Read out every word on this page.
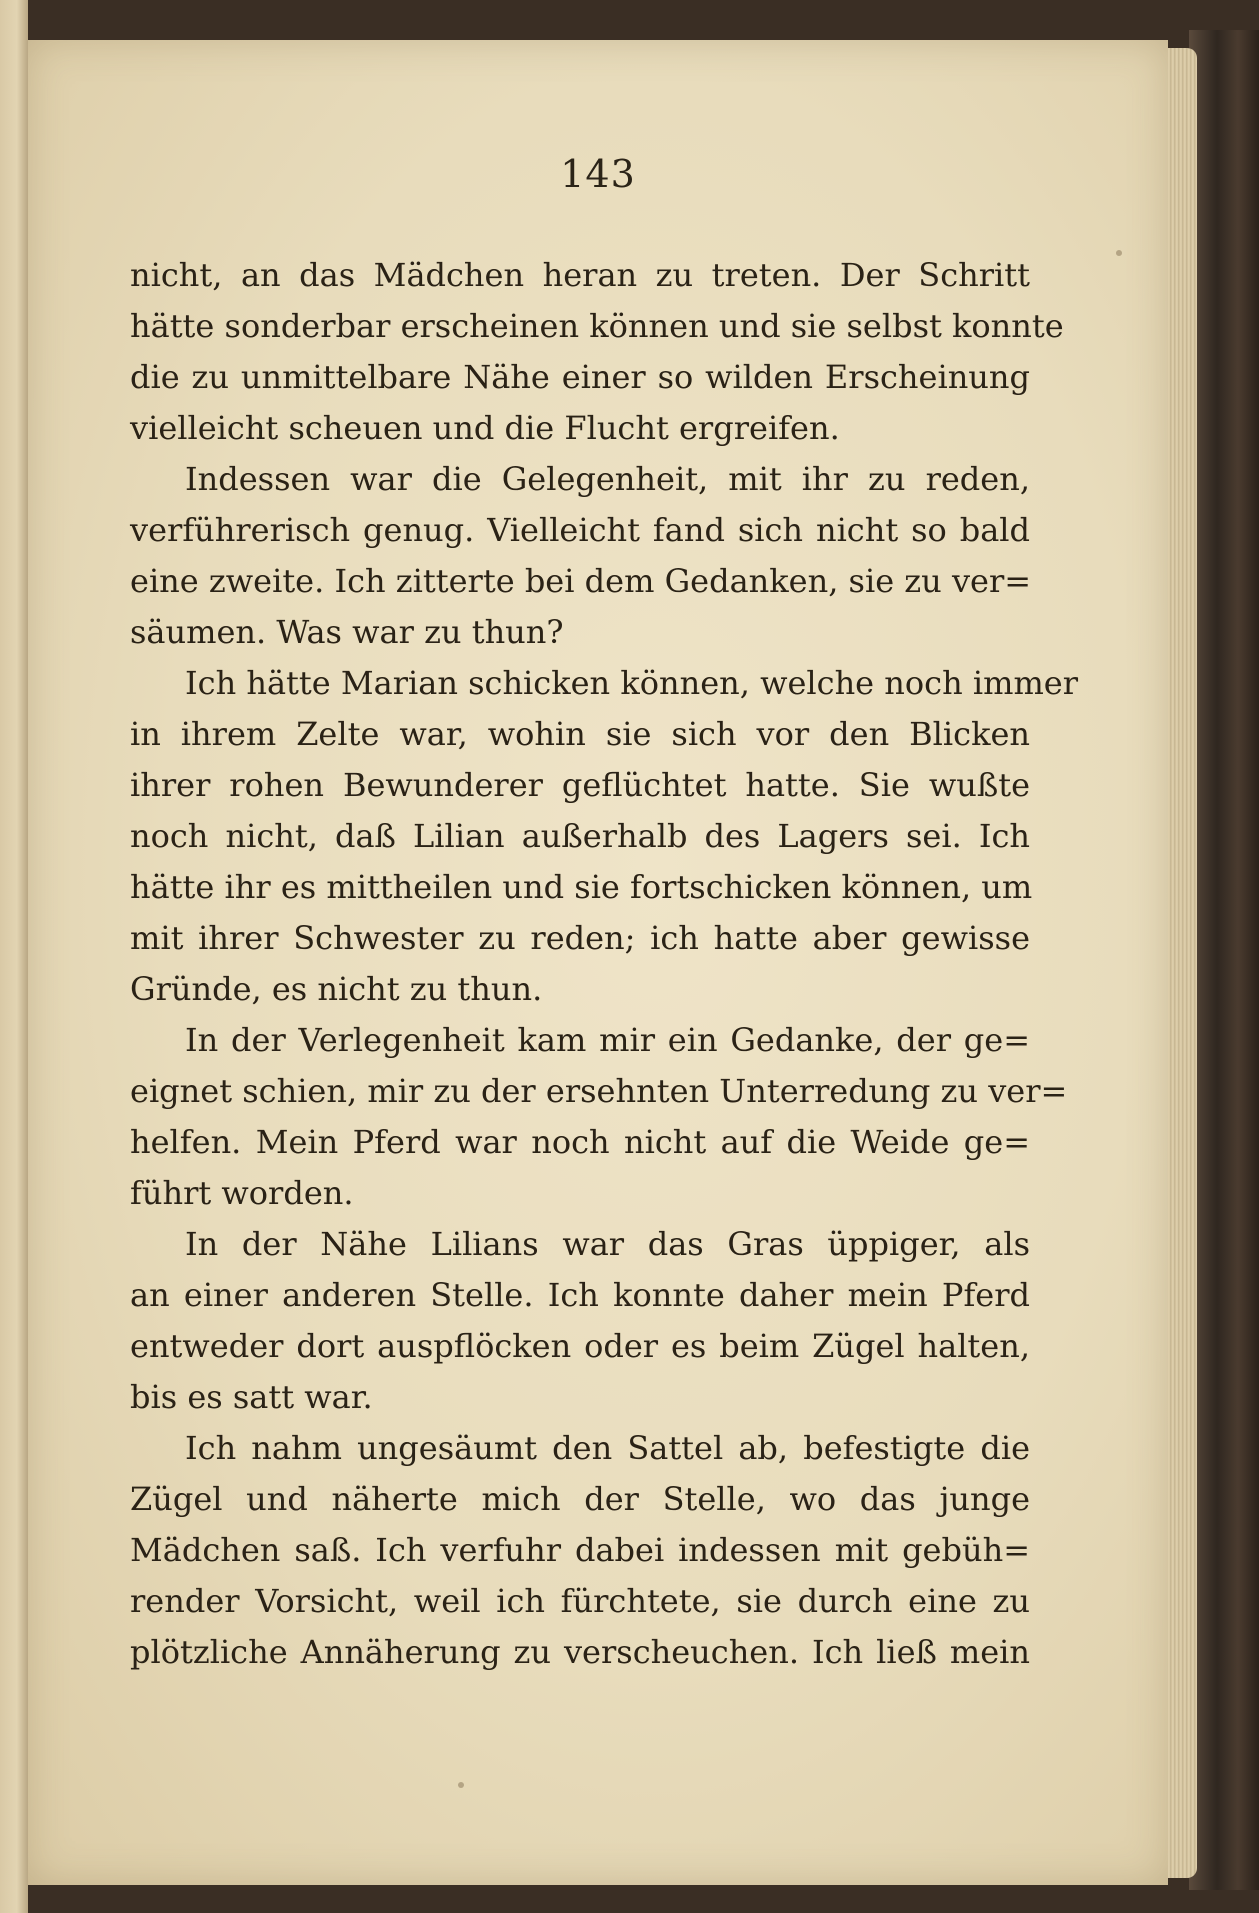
143
nicht, an das Mädchen heran zu treten. Der Schritt
hätte sonderbar erscheinen können und sie selbst konnte
die zu unmittelbare Nähe einer so wilden Erscheinung
vielleicht scheuen und die Flucht ergreifen.
Indessen war die Gelegenheit, mit ihr zu reden,
verführerisch genug. Vielleicht fand sich nicht so bald
eine zweite. Ich zitterte bei dem Gedanken, sie zu ver=
säumen. Was war zu thun?
Ich hätte Marian schicken können, welche noch immer
in ihrem Zelte war, wohin sie sich vor den Blicken
ihrer rohen Bewunderer geflüchtet hatte. Sie wußte
noch nicht, daß Lilian außerhalb des Lagers sei. Ich
hätte ihr es mittheilen und sie fortschicken können, um
mit ihrer Schwester zu reden; ich hatte aber gewisse
Gründe, es nicht zu thun.
In der Verlegenheit kam mir ein Gedanke, der ge=
eignet schien, mir zu der ersehnten Unterredung zu ver=
helfen. Mein Pferd war noch nicht auf die Weide ge=
führt worden.
In der Nähe Lilians war das Gras üppiger, als
an einer anderen Stelle. Ich konnte daher mein Pferd
entweder dort auspflöcken oder es beim Zügel halten,
bis es satt war.
Ich nahm ungesäumt den Sattel ab, befestigte die
Zügel und näherte mich der Stelle, wo das junge
Mädchen saß. Ich verfuhr dabei indessen mit gebüh=
render Vorsicht, weil ich fürchtete, sie durch eine zu
plötzliche Annäherung zu verscheuchen. Ich ließ mein
